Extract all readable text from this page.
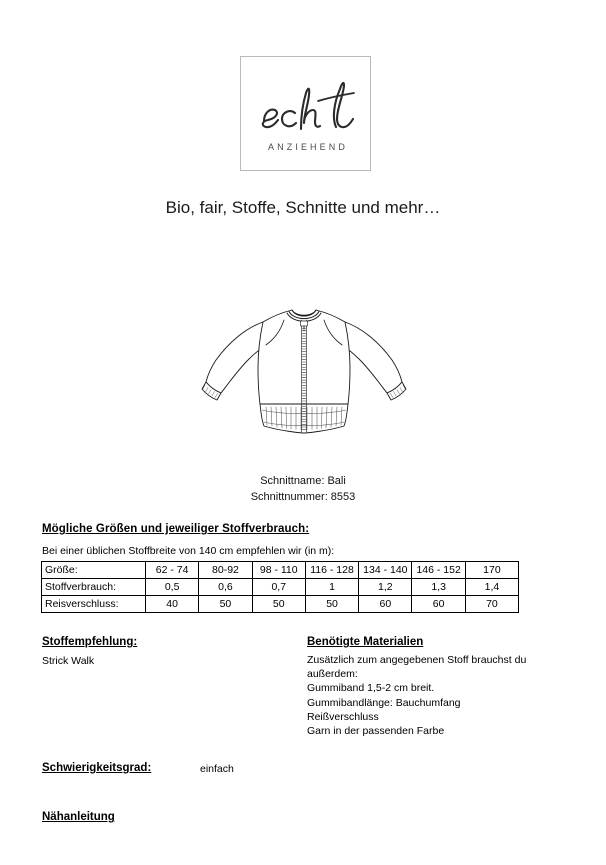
ANZIEHEND
Bio, fair, Stoffe, Schnitte und mehr…
Schnittname: Bali
Schnittnummer: 8553
Mögliche Größen und jeweiliger Stoffverbrauch:
Bei einer üblichen Stoffbreite von 140 cm empfehlen wir (in m):
Größe:	62 - 74	80-92	98 - 110	116 - 128	134 - 140	146 - 152	170
Stoffverbrauch:	0,5	0,6	0,7	1	1,2	1,3	1,4
Reisverschluss:	40	50	50	50	60	60	70
Stoffempfehlung:
Strick Walk
Benötigte Materialien
Zusätzlich zum angegebenen Stoff brauchst du
außerdem:
Gummiband 1,5-2 cm breit.
Gummibandlänge: Bauchumfang
Reißverschluss
Garn in der passenden Farbe
Schwierigkeitsgrad:	einfach
Nähanleitung
